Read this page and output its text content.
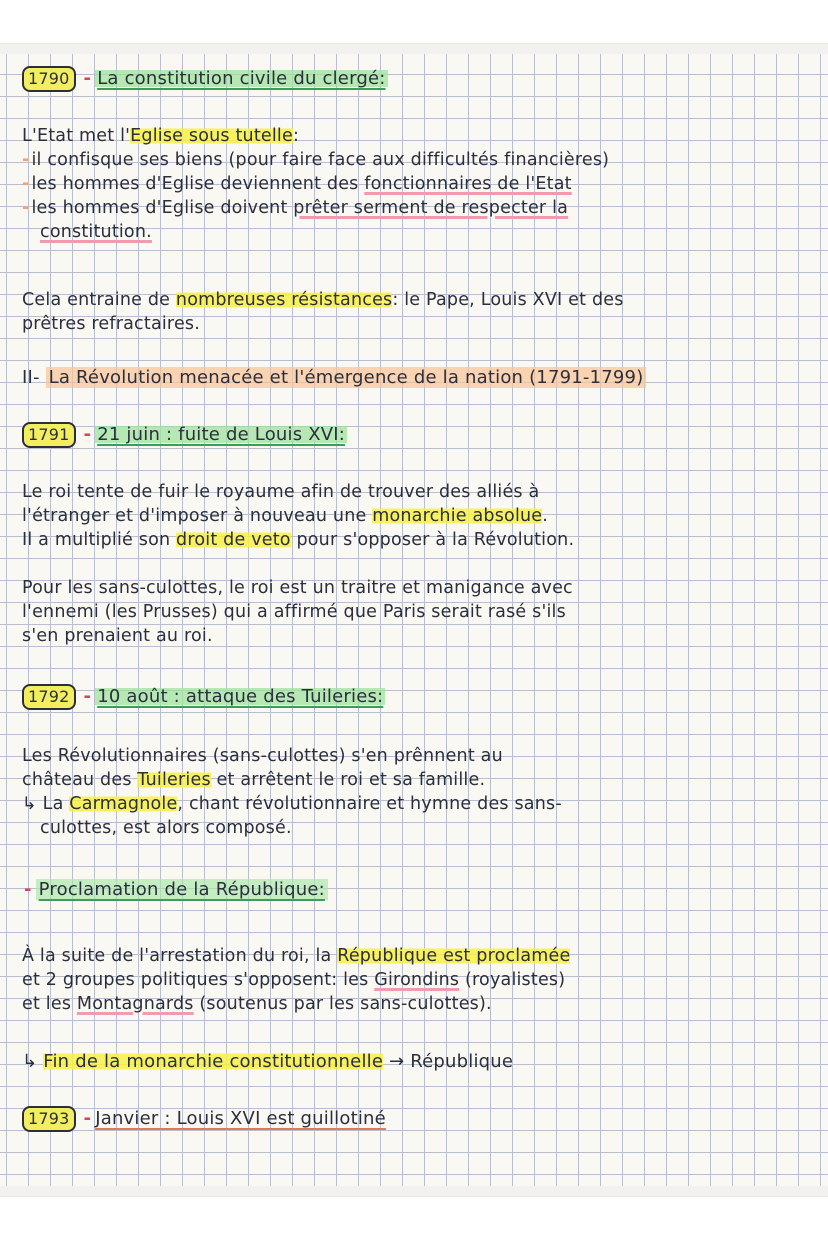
1790 - La constitution civile du clergé:
L'Etat met l'Eglise sous tutelle:
- il confisque ses biens (pour faire face aux difficultés financières)
- les hommes d'Eglise deviennent des fonctionnaires de l'Etat
- les hommes d'Eglise doivent prêter serment de respecter la
constitution.
Cela entraine de nombreuses résistances: le Pape, Louis XVI et des
prêtres refractaires.
II- La Révolution menacée et l'émergence de la nation (1791-1799)
1791 - 21 juin : fuite de Louis XVI:
Le roi tente de fuir le royaume afin de trouver des alliés à
l'étranger et d'imposer à nouveau une monarchie absolue.
Il a multiplié son droit de veto pour s'opposer à la Révolution.
Pour les sans-culottes, le roi est un traitre et manigance avec
l'ennemi (les Prusses) qui a affirmé que Paris serait rasé s'ils
s'en prenaient au roi.
1792 - 10 août : attaque des Tuileries:
Les Révolutionnaires (sans-culottes) s'en prênnent au
château des Tuileries et arrêtent le roi et sa famille.
↳ La Carmagnole, chant révolutionnaire et hymne des sans-
culottes, est alors composé.
- Proclamation de la République:
À la suite de l'arrestation du roi, la République est proclamée
et 2 groupes politiques s'opposent: les Girondins (royalistes)
et les Montagnards (soutenus par les sans-culottes).
↳ Fin de la monarchie constitutionnelle → République
1793 - Janvier : Louis XVI est guillotiné
